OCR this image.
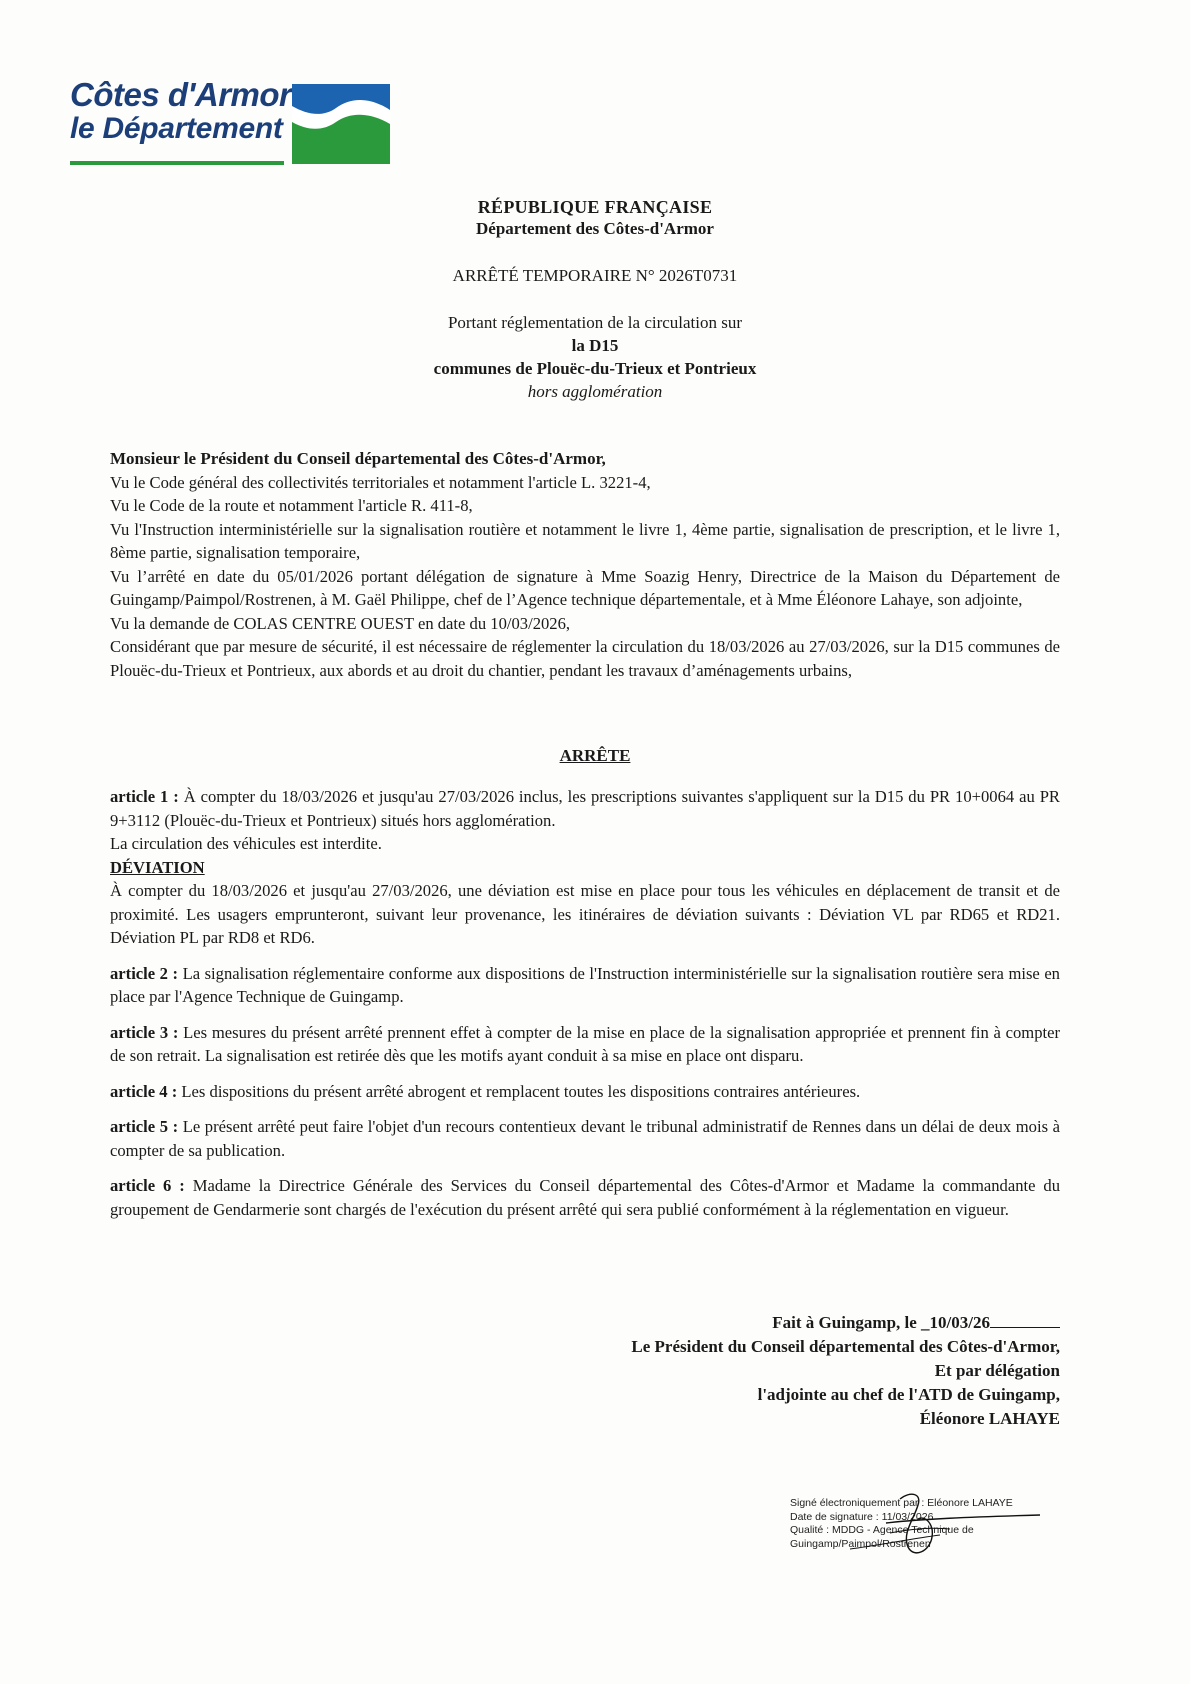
Côtes d'Armor
le Département
RÉPUBLIQUE FRANÇAISE
Département des Côtes-d'Armor
ARRÊTÉ TEMPORAIRE N° 2026T0731
Portant réglementation de la circulation sur
la D15
communes de Plouëc-du-Trieux et Pontrieux
hors agglomération

Monsieur le Président du Conseil départemental des Côtes-d'Armor,

Vu le Code général des collectivités territoriales et notamment l'article L. 3221-4,

Vu le Code de la route et notamment l'article R. 411-8,

Vu l'Instruction interministérielle sur la signalisation routière et notamment le livre 1, 4ème partie, signalisation de prescription, et le livre 1, 8ème partie, signalisation temporaire,

Vu l’arrêté en date du 05/01/2026 portant délégation de signature à Mme Soazig Henry, Directrice de la Maison du Département de Guingamp/Paimpol/Rostrenen, à M. Gaël Philippe, chef de l’Agence technique départementale, et à Mme Éléonore Lahaye, son adjointe,

Vu la demande de COLAS CENTRE OUEST en date du 10/03/2026,

Considérant que par mesure de sécurité, il est nécessaire de réglementer la circulation du 18/03/2026 au 27/03/2026, sur la D15 communes de Plouëc-du-Trieux et Pontrieux, aux abords et au droit du chantier, pendant les travaux d’aménagements urbains,

ARRÊTE

article 1 : À compter du 18/03/2026 et jusqu'au 27/03/2026 inclus, les prescriptions suivantes s'appliquent sur la D15 du PR 10+0064 au PR 9+3112 (Plouëc-du-Trieux et Pontrieux) situés hors agglomération.

La circulation des véhicules est interdite.

DÉVIATION

À compter du 18/03/2026 et jusqu'au 27/03/2026, une déviation est mise en place pour tous les véhicules en déplacement de transit et de proximité. Les usagers emprunteront, suivant leur provenance, les itinéraires de déviation suivants : Déviation VL par RD65 et RD21. Déviation PL par RD8 et RD6.

article 2 : La signalisation réglementaire conforme aux dispositions de l'Instruction interministérielle sur la signalisation routière sera mise en place par l'Agence Technique de Guingamp.

article 3 : Les mesures du présent arrêté prennent effet à compter de la mise en place de la signalisation appropriée et prennent fin à compter de son retrait. La signalisation est retirée dès que les motifs ayant conduit à sa mise en place ont disparu.

article 4 : Les dispositions du présent arrêté abrogent et remplacent toutes les dispositions contraires antérieures.

article 5 : Le présent arrêté peut faire l'objet d'un recours contentieux devant le tribunal administratif de Rennes dans un délai de deux mois à compter de sa publication.

article 6 : Madame la Directrice Générale des Services du Conseil départemental des Côtes-d'Armor et Madame la commandante du groupement de Gendarmerie sont chargés de l'exécution du présent arrêté qui sera publié conformément à la réglementation en vigueur.

Fait à Guingamp, le _10/03/26
Le Président du Conseil départemental des Côtes-d'Armor,
Et par délégation
l'adjointe au chef de l'ATD de Guingamp,
Éléonore LAHAYE
Signé électroniquement par : Eléonore LAHAYE
Date de signature : 11/03/2026
Qualité : MDDG - Agence Technique de
Guingamp/Paimpol/Rostrenen
